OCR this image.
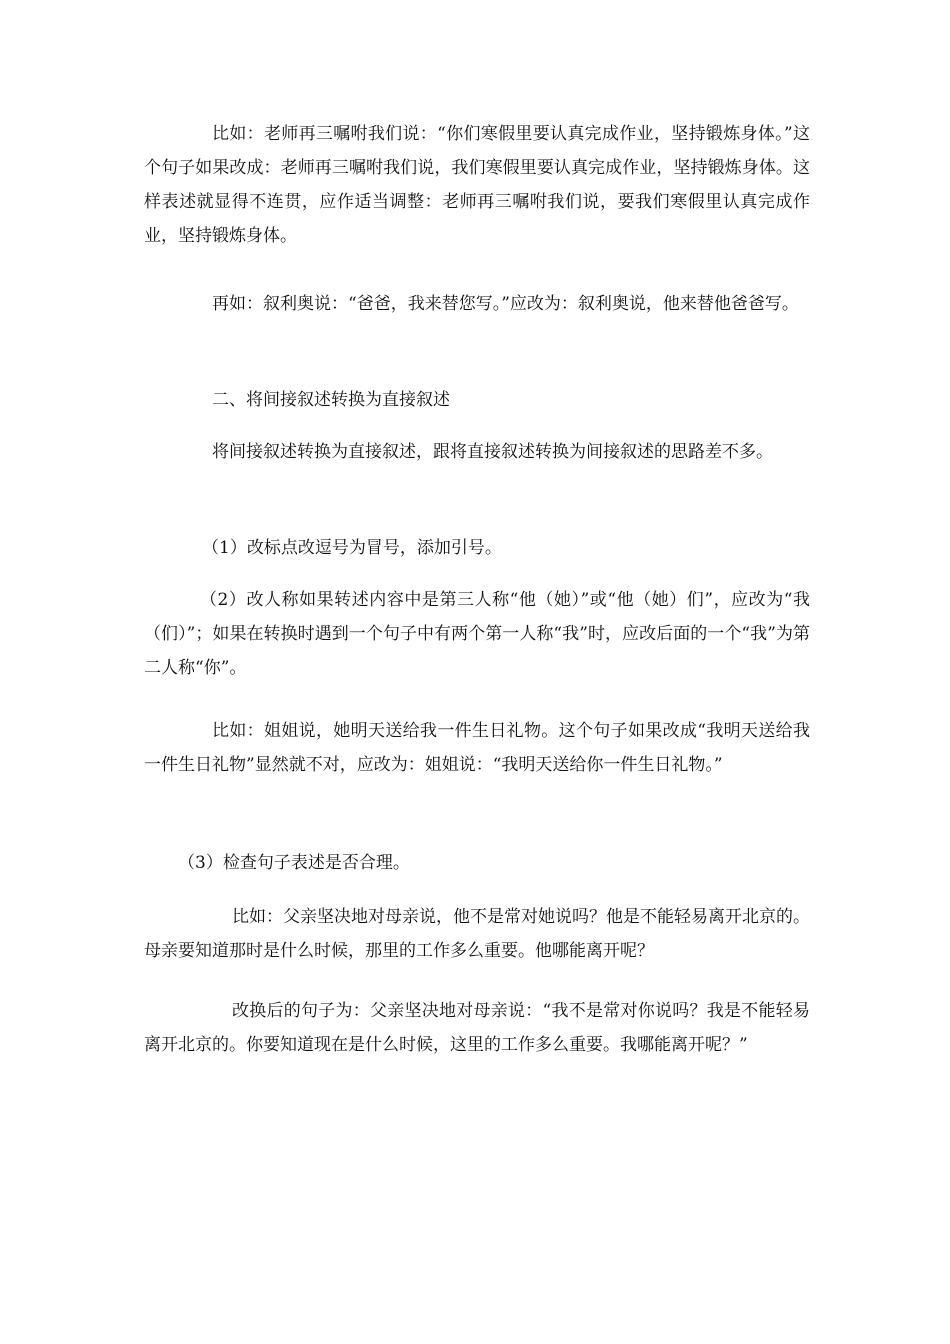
比如：老师再三嘱咐我们说：“你们寒假里要认真完成作业，坚持锻炼身体。”这个句子如果改成：老师再三嘱咐我们说，我们寒假里要认真完成作业，坚持锻炼身体。这样表述就显得不连贯，应作适当调整：老师再三嘱咐我们说，要我们寒假里认真完成作业，坚持锻炼身体。

再如：叙利奥说：“爸爸，我来替您写。”应改为：叙利奥说，他来替他爸爸写。

二、将间接叙述转换为直接叙述

将间接叙述转换为直接叙述，跟将直接叙述转换为间接叙述的思路差不多。

（1）改标点改逗号为冒号，添加引号。

（2）改人称如果转述内容中是第三人称“他（她）”或“他（她）们”，应改为“我（们）”；如果在转换时遇到一个句子中有两个第一人称“我”时，应改后面的一个“我”为第二人称“你”。

比如：姐姐说，她明天送给我一件生日礼物。这个句子如果改成“我明天送给我一件生日礼物”显然就不对，应改为：姐姐说：“我明天送给你一件生日礼物。”

（3）检查句子表述是否合理。

比如：父亲坚决地对母亲说，他不是常对她说吗？他是不能轻易离开北京的。母亲要知道那时是什么时候，那里的工作多么重要。他哪能离开呢？

改换后的句子为：父亲坚决地对母亲说：“我不是常对你说吗？我是不能轻易离开北京的。你要知道现在是什么时候，这里的工作多么重要。我哪能离开呢？”
